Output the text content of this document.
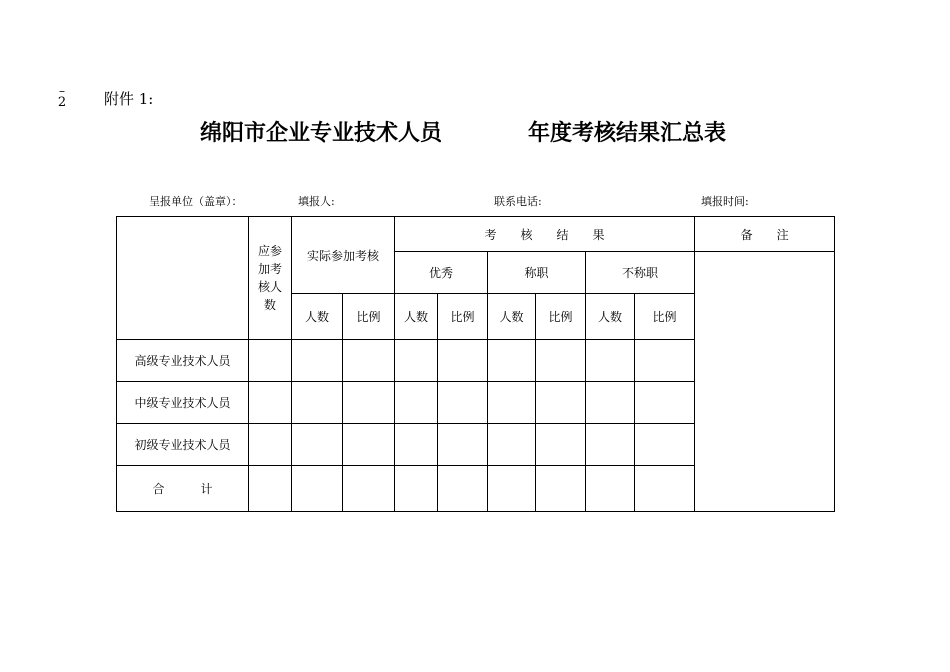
–
2	附件 1:
绵阳市企业专业技术人员	年度考核结果汇总表
呈报单位（盖章）：	填报人:	联系电话:	填报时间:

	应参
加考
核人
数	实际参加考核		考　　核　　结　　果						备　　注
				优秀		称职		不称职		
		人数	比例	人数	比例	人数	比例	人数	比例	
高级专业技术人员										
中级专业技术人员										
初级专业技术人员										
合　　　计										
